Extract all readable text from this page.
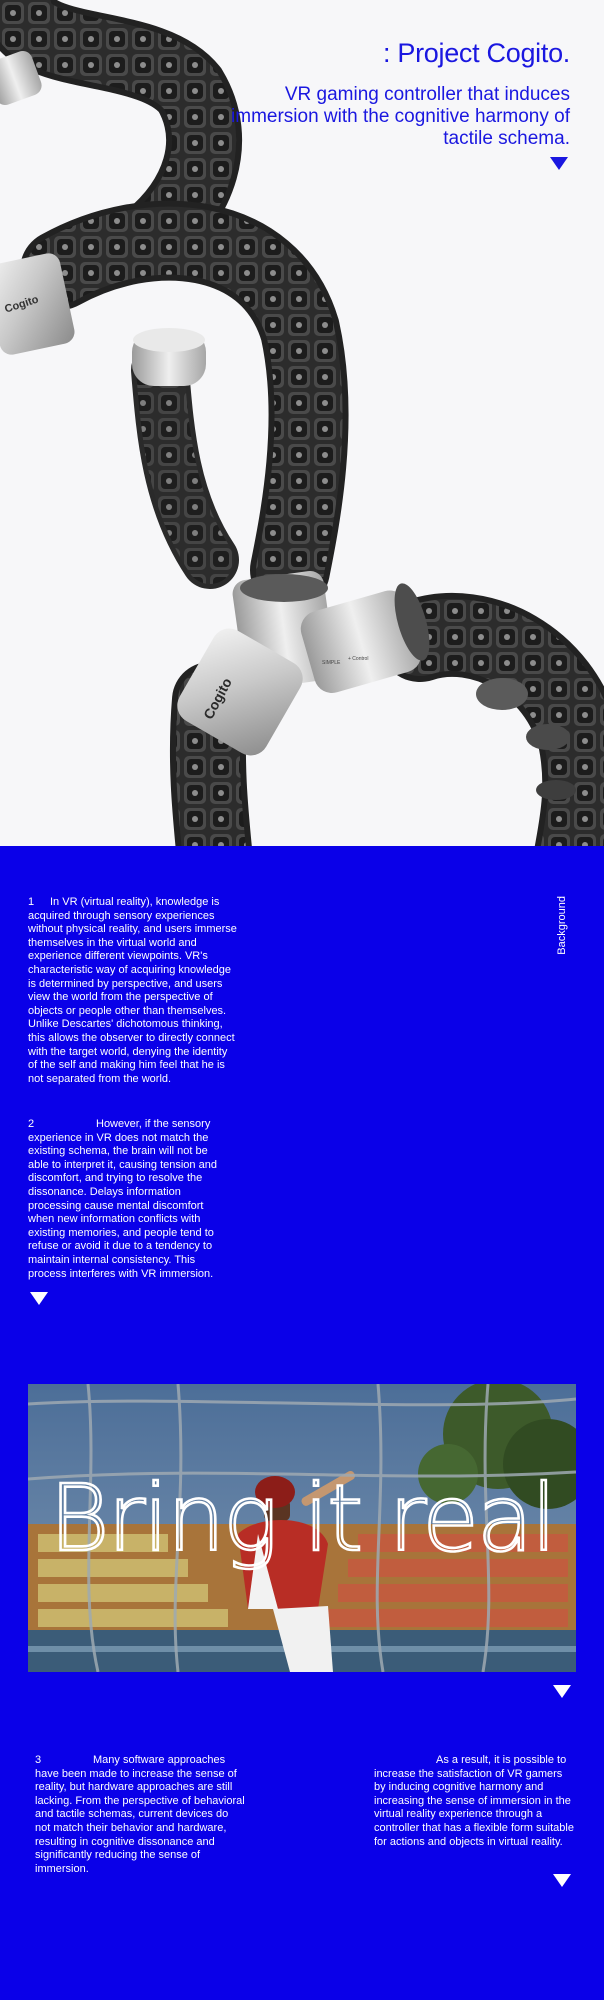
Cogito
Cogito
SIMPLE
+ Control
: Project Cogito.

VR gaming controller that induces immersion with the cognitive harmony of tactile schema.

1 In VR (virtual reality), knowledge is acquired through sensory experiences without physical reality, and users immerse themselves in the virtual world and experience different viewpoints. VR's characteristic way of acquiring knowledge is determined by perspective, and users view the world from the perspective of objects or people other than themselves. Unlike Descartes' dichotomous thinking, this allows the observer to directly connect with the target world, denying the identity of the self and making him feel that he is not separated from the world.

2	However, if the sensory experience in VR does not match the existing schema, the brain will not be able to interpret it, causing tension and discomfort, and trying to resolve the dissonance. Delays information processing cause mental discomfort when new information conflicts with existing memories, and people tend to refuse or avoid it due to a tendency to maintain internal consistency. This process interferes with VR immersion.

Background

Bring it real

3	Many software approaches have been made to increase the sense of reality, but hardware approaches are still lacking. From the perspective of behavioral and tactile schemas, current devices do not match their behavior and hardware, resulting in cognitive dissonance and significantly reducing the sense of immersion.

As a result, it is possible to increase the satisfaction of VR gamers by inducing cognitive harmony and increasing the sense of immersion in the virtual reality experience through a controller that has a flexible form suitable for actions and objects in virtual reality.
